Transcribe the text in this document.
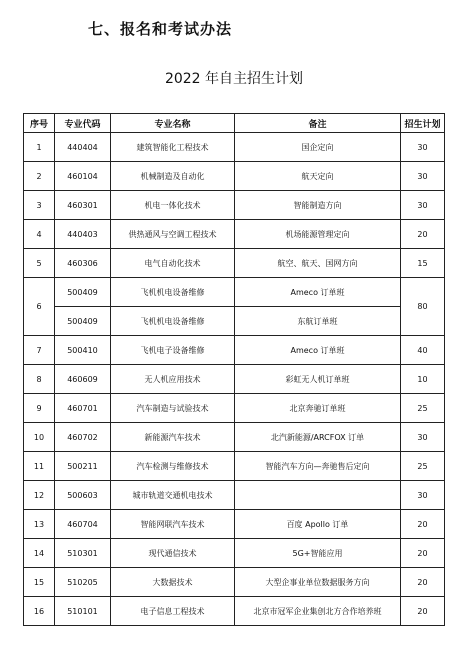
七、报名和考试办法
2022 年自主招生计划
序号	专业代码	专业名称	备注	招生计划
1	440404	建筑智能化工程技术	国企定向	30
2	460104	机械制造及自动化	航天定向	30
3	460301	机电一体化技术	智能制造方向	30
4	440403	供热通风与空调工程技术	机场能源管理定向	20
5	460306	电气自动化技术	航空、航天、国网方向	15
6	500409	飞机机电设备维修	Ameco 订单班	80
	500409	飞机机电设备维修	东航订单班	
7	500410	飞机电子设备维修	Ameco 订单班	40
8	460609	无人机应用技术	彩虹无人机订单班	10
9	460701	汽车制造与试验技术	北京奔驰订单班	25
10	460702	新能源汽车技术	北汽新能源/ARCFOX 订单	30
11	500211	汽车检测与维修技术	智能汽车方向—奔驰售后定向	25
12	500603	城市轨道交通机电技术		30
13	460704	智能网联汽车技术	百度 Apollo 订单	20
14	510301	现代通信技术	5G+智能应用	20
15	510205	大数据技术	大型企事业单位数据服务方向	20
16	510101	电子信息工程技术	北京市冠军企业集创北方合作培养班	20
